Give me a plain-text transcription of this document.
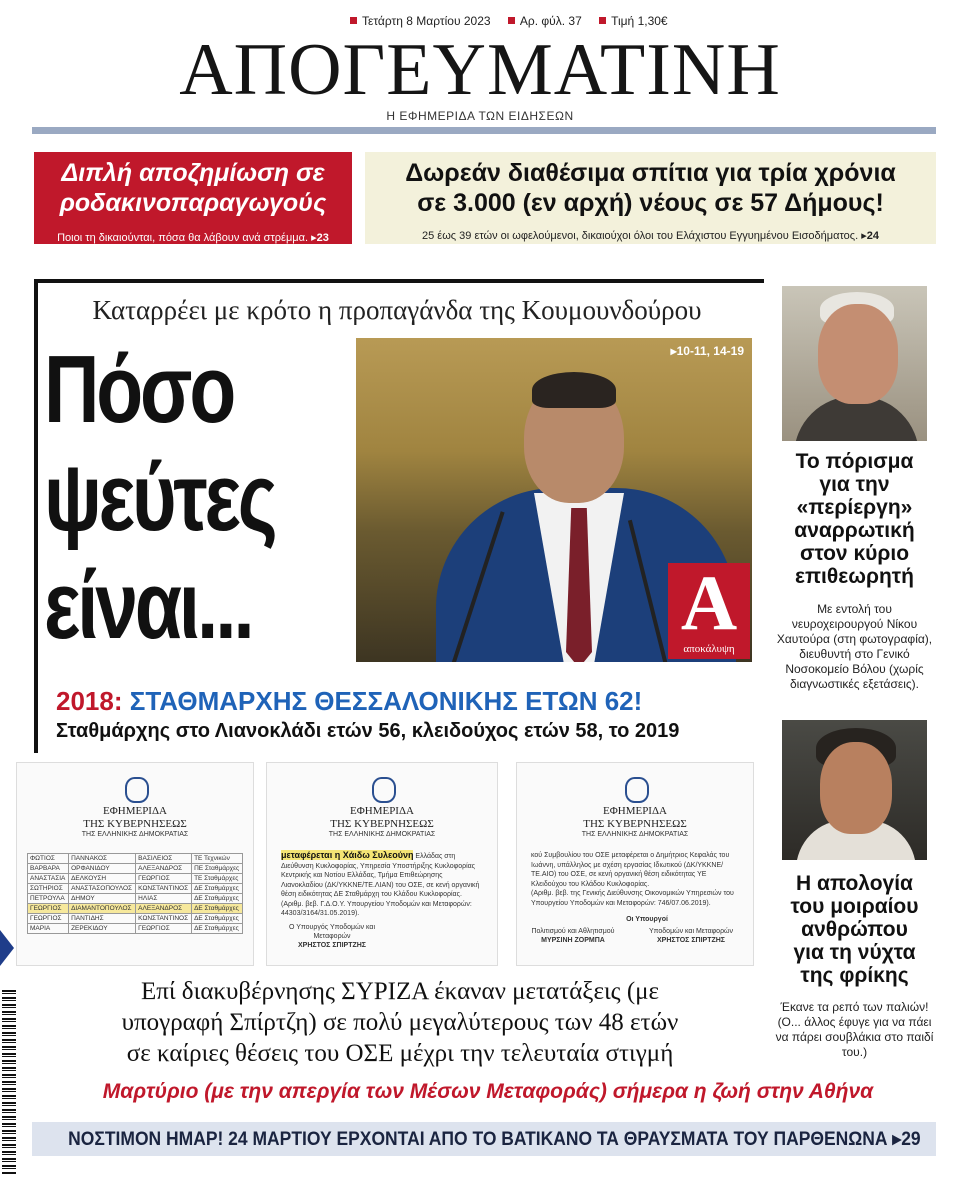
Τετάρτη 8 Μαρτίου 2023 Αρ. φύλ. 37 Τιμή 1,30€
ΑΠΟΓΕΥΜΑΤΙΝΗ
Η ΕΦΗΜΕΡΙΔΑ ΤΩΝ ΕΙΔΗΣΕΩΝ
Διπλή αποζημίωση σε
ροδακινοπαραγωγούς
Ποιοι τη δικαιούνται, πόσα θα λάβουν ανά στρέμμα. ▸23
Δωρεάν διαθέσιμα σπίτια για τρία χρόνια
σε 3.000 (εν αρχή) νέους σε 57 Δήμους!
25 έως 39 ετών οι ωφελούμενοι, δικαιούχοι όλοι του Ελάχιστου Εγγυημένου Εισοδήματος. ▸24
Καταρρέει με κρότο η προπαγάνδα της Κουμουνδούρου
▸10-11, 14-19
Πόσο
ψεύτες
είναι...	Α
αποκάλυψη
2018: ΣΤΑΘΜΑΡΧΗΣ ΘΕΣΣΑΛΟΝΙΚΗΣ ΕΤΩΝ 62!
Σταθμάρχης στο Λιανοκλάδι ετών 56, κλειδούχος ετών 58, το 2019
ΕΦΗΜΕΡΙΔΑ
ΤΗΣ ΚΥΒΕΡΝΗΣΕΩΣ
ΤΗΣ ΕΛΛΗΝΙΚΗΣ ΔΗΜΟΚΡΑΤΙΑΣ
ΦΩΤΙΟΣ	ΠΑΝΝΑΚΟΣ	ΒΑΣΙΛΕΙΟΣ	ΤΕ Τεχνικών
ΒΑΡΒΑΡΑ	ΟΡΦΑΝΙΔΟΥ	ΑΛΕΞΑΝΔΡΟΣ	ΠΕ Σταθμάρχες
ΑΝΑΣΤΑΣΙΑ	ΔΕΛΚΟΥΣΗ	ΓΕΩΡΓΙΟΣ	ΤΕ Σταθμάρχες
ΣΩΤΗΡΙΟΣ	ΑΝΑΣΤΑΣΟΠΟΥΛΟΣ	ΚΩΝΣΤΑΝΤΙΝΟΣ	ΔΕ Σταθμάρχες
ΠΕΤΡΟΥΛΑ	ΔΗΜΟΥ	ΗΛΙΑΣ	ΔΕ Σταθμάρχες
ΓΕΩΡΓΙΟΣ	ΔΙΑΜΑΝΤΟΠΟΥΛΟΣ	ΑΛΕΞΑΝΔΡΟΣ	ΔΕ Σταθμάρχες
ΓΕΩΡΓΙΟΣ	ΠΑΝΤΙΔΗΣ	ΚΩΝΣΤΑΝΤΙΝΟΣ	ΔΕ Σταθμάρχες
ΜΑΡΙΑ	ΖΕΡΕΚΙΔΟΥ	ΓΕΩΡΓΙΟΣ	ΔΕ Σταθμάρχες
ΕΦΗΜΕΡΙΔΑ
ΤΗΣ ΚΥΒΕΡΝΗΣΕΩΣ
ΤΗΣ ΕΛΛΗΝΙΚΗΣ ΔΗΜΟΚΡΑΤΙΑΣ
μεταφέρεται η Χάιδω Συλεούνη Ελλάδας στη Διεύθυνση Κυκλοφορίας, Υπηρεσία Υποστήριξης Κυκλοφορίας Κεντρικής και Νοτίου Ελλάδας, Τμήμα Επιθεώρησης Λιανοκλαδίου (ΔΚ/ΥΚΚΝΕ/ΤΕ.ΛΙΑΝ) του ΟΣΕ, σε κενή οργανική θέση ειδικότητας ΔΕ Σταθμάρχη του Κλάδου Κυκλοφορίας.
(Αριθμ. βεβ. Γ.Δ.Ο.Υ. Υπουργείου Υποδομών και Μεταφορών: 44303/3164/31.05.2019).
Ο Υπουργός Υποδομών και Μεταφορών
ΧΡΗΣΤΟΣ ΣΠΙΡΤΖΗΣ
ΕΦΗΜΕΡΙΔΑ
ΤΗΣ ΚΥΒΕΡΝΗΣΕΩΣ
ΤΗΣ ΕΛΛΗΝΙΚΗΣ ΔΗΜΟΚΡΑΤΙΑΣ
κού Συμβουλίου του ΟΣΕ μεταφέρεται ο Δημήτριος Κεφαλάς του Ιωάννη, υπάλληλος με σχέση εργασίας Ιδιωτικού (ΔΚ/ΥΚΚΝΕ/ΤΕ.ΑΙΟ) του ΟΣΕ, σε κενή οργανική θέση ειδικότητας ΥΕ Κλειδούχου του Κλάδου Κυκλοφορίας.
(Αριθμ. βεβ. της Γενικής Διεύθυνσης Οικονομικών Υπηρεσιών του Υπουργείου Υποδομών και Μεταφορών: 746/07.06.2019).
Οι Υπουργοί
Πολιτισμού και Αθλητισμού
ΜΥΡΣΙΝΗ ΖΟΡΜΠΑ
Υποδομών και Μεταφορών
ΧΡΗΣΤΟΣ ΣΠΙΡΤΖΗΣ
Επί διακυβέρνησης ΣΥΡΙΖΑ έκαναν μετατάξεις (με
υπογραφή Σπίρτζη) σε πολύ μεγαλύτερους των 48 ετών
σε καίριες θέσεις του ΟΣΕ μέχρι την τελευταία στιγμή
Μαρτύριο (με την απεργία των Μέσων Μεταφοράς) σήμερα η ζωή στην Αθήνα
ΝΟΣΤΙΜΟΝ ΗΜΑΡ! 24 ΜΑΡΤΙΟΥ ΕΡΧΟΝΤΑΙ ΑΠΟ ΤΟ ΒΑΤΙΚΑΝΟ ΤΑ ΘΡΑΥΣΜΑΤΑ ΤΟΥ ΠΑΡΘΕΝΩΝΑ ▸29
Το πόρισμα
για την
«περίεργη»
αναρρωτική
στον κύριο
επιθεωρητή
Με εντολή του νευροχειρουργού Νίκου Χαυτούρα (στη φωτογραφία), διευθυντή στο Γενικό Νοσοκομείο Βόλου (χωρίς διαγνωστικές εξετάσεις).
Η απολογία
του μοιραίου
ανθρώπου
για τη νύχτα
της φρίκης
Έκανε τα ρεπό των παλιών! (Ο... άλλος έφυγε για να πάει να πάρει σουβλάκια στο παιδί του.)
